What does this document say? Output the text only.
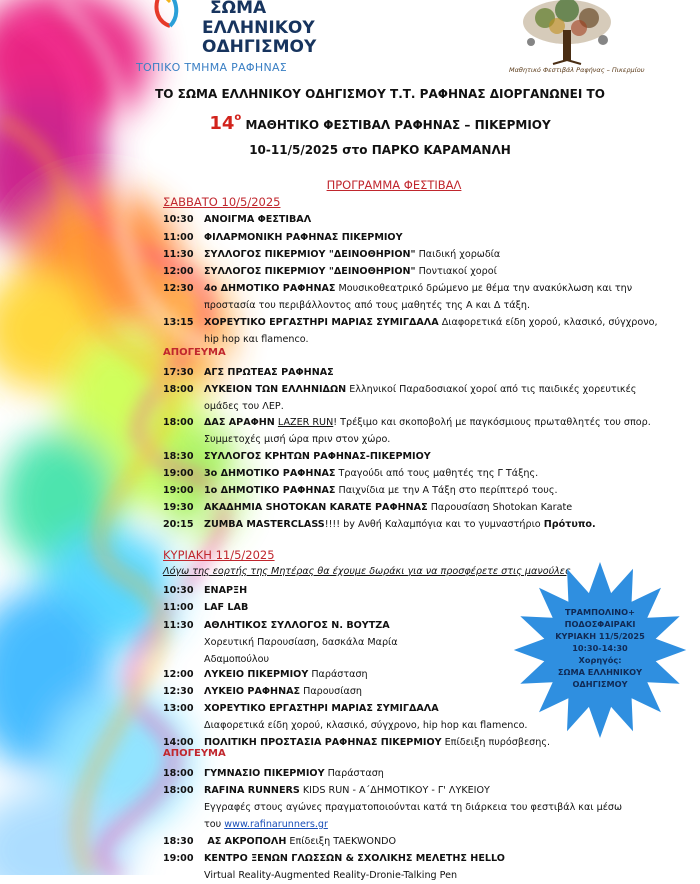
ΣΩΜΑ
ΕΛΛΗΝΙΚΟΥ
ΟΔΗΓΙΣΜΟΥ
ΤΟΠΙΚΟ ΤΜΗΜΑ ΡΑΦΗΝΑΣ	Μαθητικό Φεστιβάλ Ραφήνας – Πικερμίου
ΤΟ ΣΩΜΑ ΕΛΛΗΝΙΚΟΥ ΟΔΗΓΙΣΜΟΥ Τ.Τ. ΡΑΦΗΝΑΣ ΔΙΟΡΓΑΝΩΝΕΙ ΤΟ
$14^o$ ΜΑΘΗΤΙΚΟ ΦΕΣΤΙΒΑΛ ΡΑΦΗΝΑΣ – ΠΙΚΕΡΜΙΟΥ
10-11/5/2025 στο ΠΑΡΚΟ ΚΑΡΑΜΑΝΛΗ
ΠΡΟΓΡΑΜΜΑ ΦΕΣΤΙΒΑΛ
ΣΑΒΒΑΤΟ 10/5/2025
10:30 ΑΝΟΙΓΜΑ ΦΕΣΤΙΒΑΛ
11:00 ΦΙΛΑΡΜΟΝΙΚΗ ΡΑΦΗΝΑΣ ΠΙΚΕΡΜΙΟΥ
11:30 ΣΥΛΛΟΓΟΣ ΠΙΚΕΡΜΙΟΥ "ΔΕΙΝΟΘΗΡΙΟΝ" Παιδική χορωδία
12:00 ΣΥΛΛΟΓΟΣ ΠΙΚΕΡΜΙΟΥ "ΔΕΙΝΟΘΗΡΙΟΝ" Ποντιακοί χοροί
12:30 4ο ΔΗΜΟΤΙΚΟ ΡΑΦΗΝΑΣ Μουσικοθεατρικό δρώμενο με θέμα την ανακύκλωση και την
προστασία του περιβάλλοντος από τους μαθητές της Α και Δ τάξη.
13:15 ΧΟΡΕΥΤΙΚΟ ΕΡΓΑΣΤΗΡΙ ΜΑΡΙΑΣ ΣΥΜΙΓΔΑΛΑ Διαφορετικά είδη χορού, κλασικό, σύγχρονο,
hip hop και flamenco.
17:30 ΑΓΣ ΠΡΩΤΕΑΣ ΡΑΦΗΝΑΣ
18:00 ΛΥΚΕΙΟΝ ΤΩΝ ΕΛΛΗΝΙΔΩΝ Ελληνικοί Παραδοσιακοί χοροί από τις παιδικές χορευτικές
ομάδες του ΛΕΡ.
18:00 ΔΑΣ ΑΡΑΦΗΝ LAZER RUN! Τρέξιμο και σκοποβολή με παγκόσμιους πρωταθλητές του σπορ.
Συμμετοχές μισή ώρα πριν στον χώρο.
18:30 ΣΥΛΛΟΓΟΣ ΚΡΗΤΩΝ ΡΑΦΗΝΑΣ-ΠΙΚΕΡΜΙΟΥ
19:00 3ο ΔΗΜΟΤΙΚΟ ΡΑΦΗΝΑΣ Τραγούδι από τους μαθητές της Γ Τάξης.
19:00 1ο ΔΗΜΟΤΙΚΟ ΡΑΦΗΝΑΣ Παιχνίδια με την Α Τάξη στο περίπτερό τους.
19:30 ΑΚΑΔΗΜΙΑ SHOTOKAN KARATE ΡΑΦΗΝΑΣ Παρουσίαση Shotokan Karate
20:15 ZUMBA MASTERCLASS!!!! by Ανθή Καλαμπόγια και το γυμναστήριο Πρότυπο.
ΑΠΟΓΕΥΜΑ
ΚΥΡΙΑΚΗ 11/5/2025
Λόγω της εορτής της Μητέρας θα έχουμε δωράκι για να προσφέρετε στις μανούλες
10:30 ΕΝΑΡΞΗ
11:00 LAF LAB
11:30 ΑΘΛΗΤΙΚΟΣ ΣΥΛΛΟΓΟΣ Ν. ΒΟΥΤΖΑ
Χορευτική Παρουσίαση, δασκάλα Μαρία
Αδαμοπούλου
12:00 ΛΥΚΕΙΟ ΠΙΚΕΡΜΙΟΥ Παράσταση
12:30 ΛΥΚΕΙΟ ΡΑΦΗΝΑΣ Παρουσίαση
13:00 ΧΟΡΕΥΤΙΚΟ ΕΡΓΑΣΤΗΡΙ ΜΑΡΙΑΣ ΣΥΜΙΓΔΑΛΑ
Διαφορετικά είδη χορού, κλασικό, σύγχρονο, hip hop και flamenco.
14:00 ΠΟΛΙΤΙΚΗ ΠΡΟΣΤΑΣΙΑ ΡΑΦΗΝΑΣ ΠΙΚΕΡΜΙΟΥ Επίδειξη πυρόσβεσης.
18:00 ΓΥΜΝΑΣΙΟ ΠΙΚΕΡΜΙΟΥ Παράσταση
18:00 RAFINA RUNNERS KIDS RUN - Α΄ΔΗΜΟΤΙΚΟΥ - Γ' ΛΥΚΕΙΟΥ
Εγγραφές στους αγώνες πραγματοποιούνται κατά τη διάρκεια του φεστιβάλ και μέσω
του www.rafinarunners.gr
18:30 ΑΣ ΑΚΡΟΠΟΛΗ Επίδειξη TAEKWONDO
19:00 ΚΕΝΤΡΟ ΞΕΝΩΝ ΓΛΩΣΣΩΝ & ΣΧΟΛΙΚΗΣ ΜΕΛΕΤΗΣ HELLO
Virtual Reality-Augmented Reality-Dronie-Talking Pen
ΑΠΟΓΕΥΜΑ
ΤΡΑΜΠΟΛΙΝΟ+
ΠΟΔΟΣΦΑΙΡΑΚΙ
ΚΥΡΙΑΚΗ 11/5/2025
10:30-14:30
Χορηγός:
ΣΩΜΑ ΕΛΛΗΝΙΚΟΥ
ΟΔΗΓΙΣΜΟΥ
